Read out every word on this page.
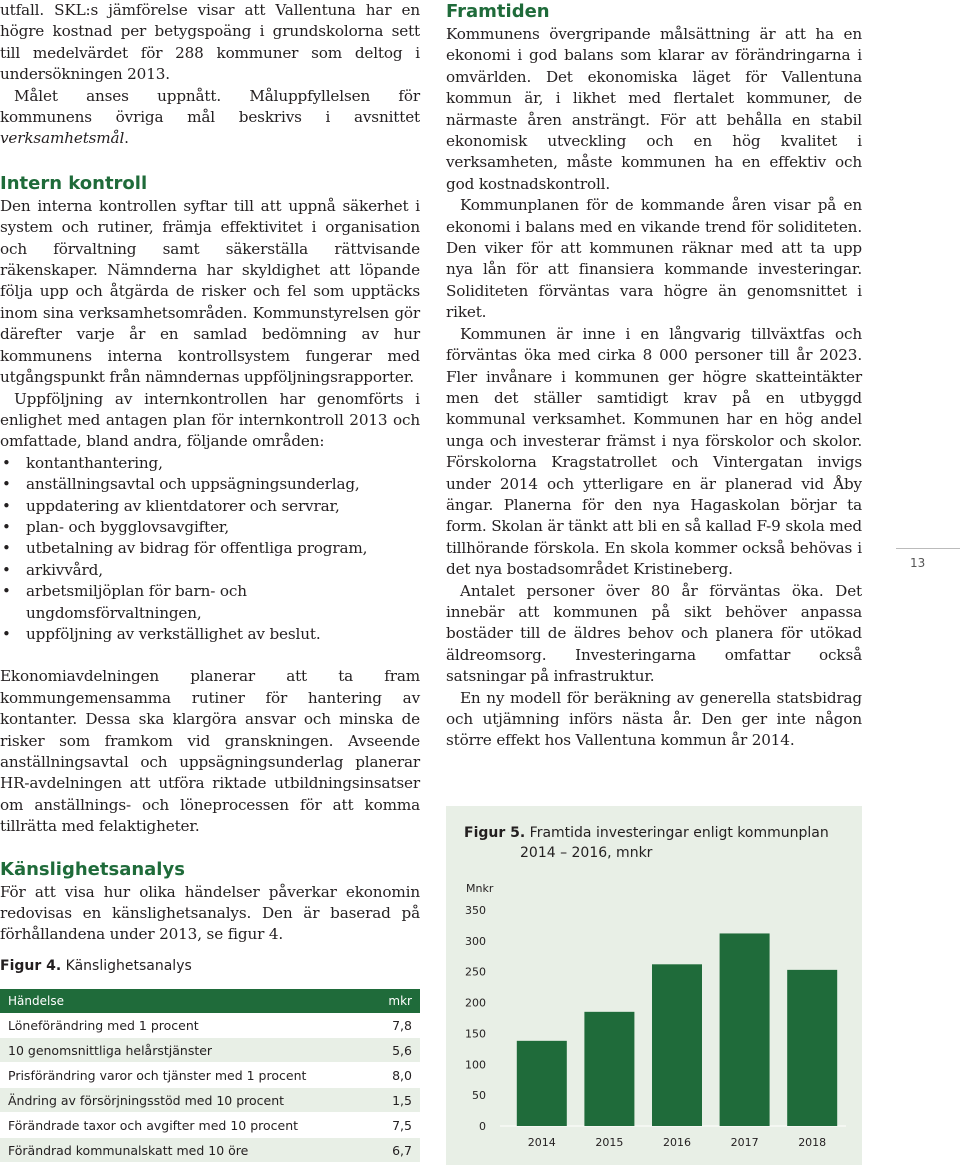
utfall. SKL:s jämförelse visar att Vallentuna har en högre kostnad per betygspoäng i grundskolorna sett till medelvärdet för 288 kommuner som deltog i undersökningen 2013.

Målet anses uppnått. Måluppfyllelsen för kommunens övriga mål beskrivs i avsnittet verksamhetsmål.

Intern kontroll

Den interna kontrollen syftar till att uppnå säkerhet i system och rutiner, främja effektivitet i organisation och förvaltning samt säkerställa rättvisande räkenskaper. Nämnderna har skyldighet att löpande följa upp och åtgärda de risker och fel som upptäcks inom sina verksamhetsområden. Kommunstyrelsen gör därefter varje år en samlad bedömning av hur kommunens interna kontrollsystem fungerar med utgångspunkt från nämndernas uppföljningsrapporter.

Uppföljning av internkontrollen har genomförts i enlighet med antagen plan för internkontroll 2013 och omfattade, bland andra, följande områden:

• kontanthantering,
• anställningsavtal och uppsägningsunderlag,
• uppdatering av klientdatorer och servrar,
• plan- och bygglovsavgifter,
• utbetalning av bidrag för offentliga program,
• arkivvård,
• arbetsmiljöplan för barn- och ungdomsförvaltningen,
• uppföljning av verkställighet av beslut.

Ekonomiavdelningen planerar att ta fram kommungemensamma rutiner för hantering av kontanter. Dessa ska klargöra ansvar och minska de risker som framkom vid granskningen. Avseende anställningsavtal och uppsägningsunderlag planerar HR-avdelningen att utföra riktade utbildningsinsatser om anställnings- och löneprocessen för att komma tillrätta med felaktigheter.

Känslighetsanalys

För att visa hur olika händelser påverkar ekonomin redovisas en känslighetsanalys. Den är baserad på förhållandena under 2013, se figur 4.

Framtiden

Kommunens övergripande målsättning är att ha en ekonomi i god balans som klarar av förändringarna i omvärlden. Det ekonomiska läget för Vallentuna kommun är, i likhet med flertalet kommuner, de närmaste åren ansträngt. För att behålla en stabil ekonomisk utveckling och en hög kvalitet i verksamheten, måste kommunen ha en effektiv och god kostnadskontroll.

Kommunplanen för de kommande åren visar på en ekonomi i balans med en vikande trend för soliditeten. Den viker för att kommunen räknar med att ta upp nya lån för att finansiera kommande investeringar. Soliditeten förväntas vara högre än genomsnittet i riket.

Kommunen är inne i en långvarig tillväxtfas och förväntas öka med cirka 8 000 personer till år 2023. Fler invånare i kommunen ger högre skatteintäkter men det ställer samtidigt krav på en utbyggd kommunal verksamhet. Kommunen har en hög andel unga och investerar främst i nya förskolor och skolor. Förskolorna Kragstatrollet och Vintergatan invigs under 2014 och ytterligare en är planerad vid Åby ängar. Planerna för den nya Hagaskolan börjar ta form. Skolan är tänkt att bli en så kallad F-9 skola med tillhörande förskola. En skola kommer också behövas i det nya bostadsområdet Kristineberg.

Antalet personer över 80 år förväntas öka. Det innebär att kommunen på sikt behöver anpassa bostäder till de äldres behov och planera för utökad äldreomsorg. Investeringarna omfattar också satsningar på infrastruktur.

En ny modell för beräkning av generella statsbidrag och utjämning införs nästa år. Den ger inte någon större effekt hos Vallentuna kommun år 2014.

13
Figur 4. Känslighetsanalys
Händelse	mkr
Löneförändring med 1 procent	7,8
10 genomsnittliga helårstjänster	5,6
Prisförändring varor och tjänster med 1 procent	8,0
Ändring av försörjningsstöd med 10 procent	1,5
Förändrade taxor och avgifter med 10 procent	7,5
Förändrad kommunalskatt med 10 öre	6,7
Figur 5. Framtida investeringar enligt kommunplan
2014 – 2016, mnkr
Mnkr
0
50
100
150
200
250
300
350
2014	2015	2016	2017	2018
